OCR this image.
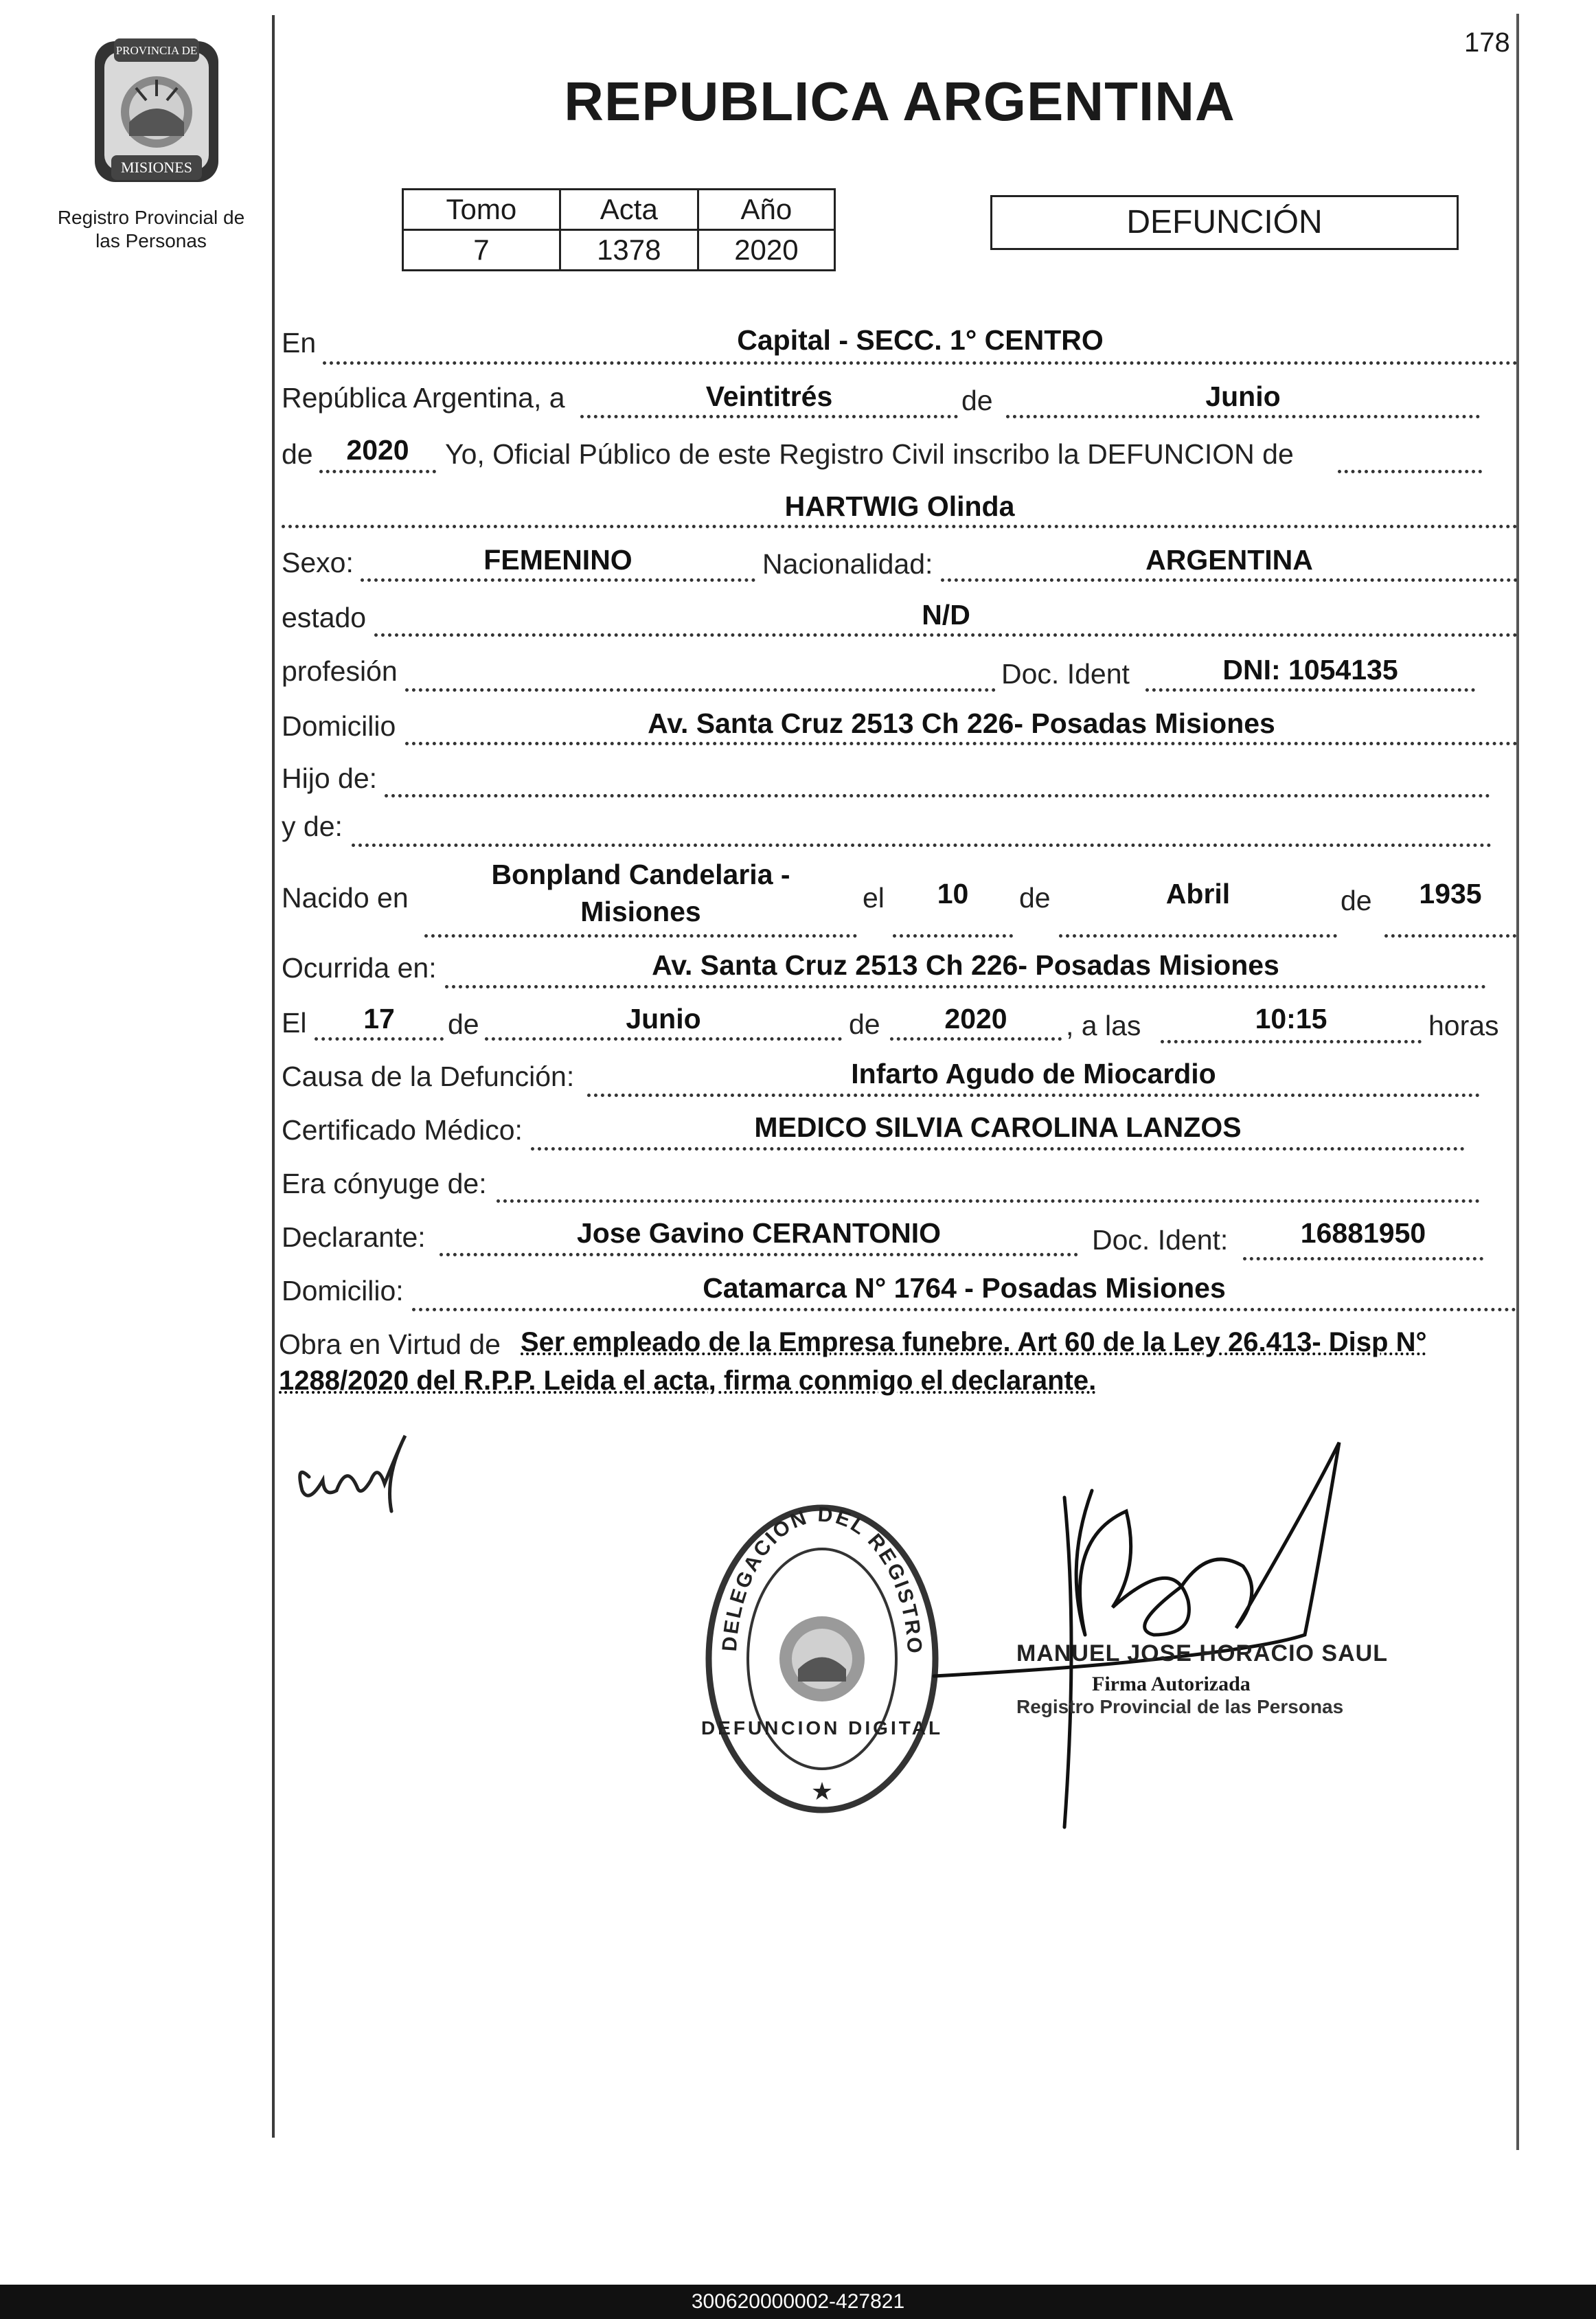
178
PROVINCIA DE
MISIONES
Registro Provincial de
las Personas
REPUBLICA ARGENTINA
Tomo	Acta	Año
7	1378	2020
DEFUNCIÓN
En	Capital - SECC. 1° CENTRO
República Argentina, a	Veintitrés	de	Junio
de	2020	Yo, Oficial Público de este Registro Civil inscribo la DEFUNCION de
HARTWIG Olinda
Sexo:	FEMENINO	Nacionalidad:	ARGENTINA
estado	N/D
profesión	Doc. Ident	DNI: 1054135
Domicilio	Av. Santa Cruz 2513 Ch 226- Posadas Misiones
Hijo de:
y de:
Nacido en
Bonpland Candelaria -
Misiones	el	10	de	Abril	de	1935
Ocurrida en:	Av. Santa Cruz 2513 Ch 226- Posadas Misiones
El	17	de	Junio	de	2020	, a las	10:15	horas
Causa de la Defunción:	Infarto Agudo de Miocardio
Certificado Médico:	MEDICO SILVIA CAROLINA LANZOS
Era cónyuge de:
Declarante:	Jose Gavino CERANTONIO	Doc. Ident:	16881950
Domicilio:	Catamarca N° 1764 - Posadas Misiones
Obra en Virtud de Ser empleado de la Empresa funebre. Art 60 de la Ley 26.413- Disp N°
1288/2020 del R.P.P. Leida el acta, firma conmigo el declarante.
DELEGACION DEL REGISTRO
DEFUNCION DIGITAL
★
MANUEL JOSE HORACIO SAUL
Firma Autorizada
Registro Provincial de las Personas
300620000002-427821
